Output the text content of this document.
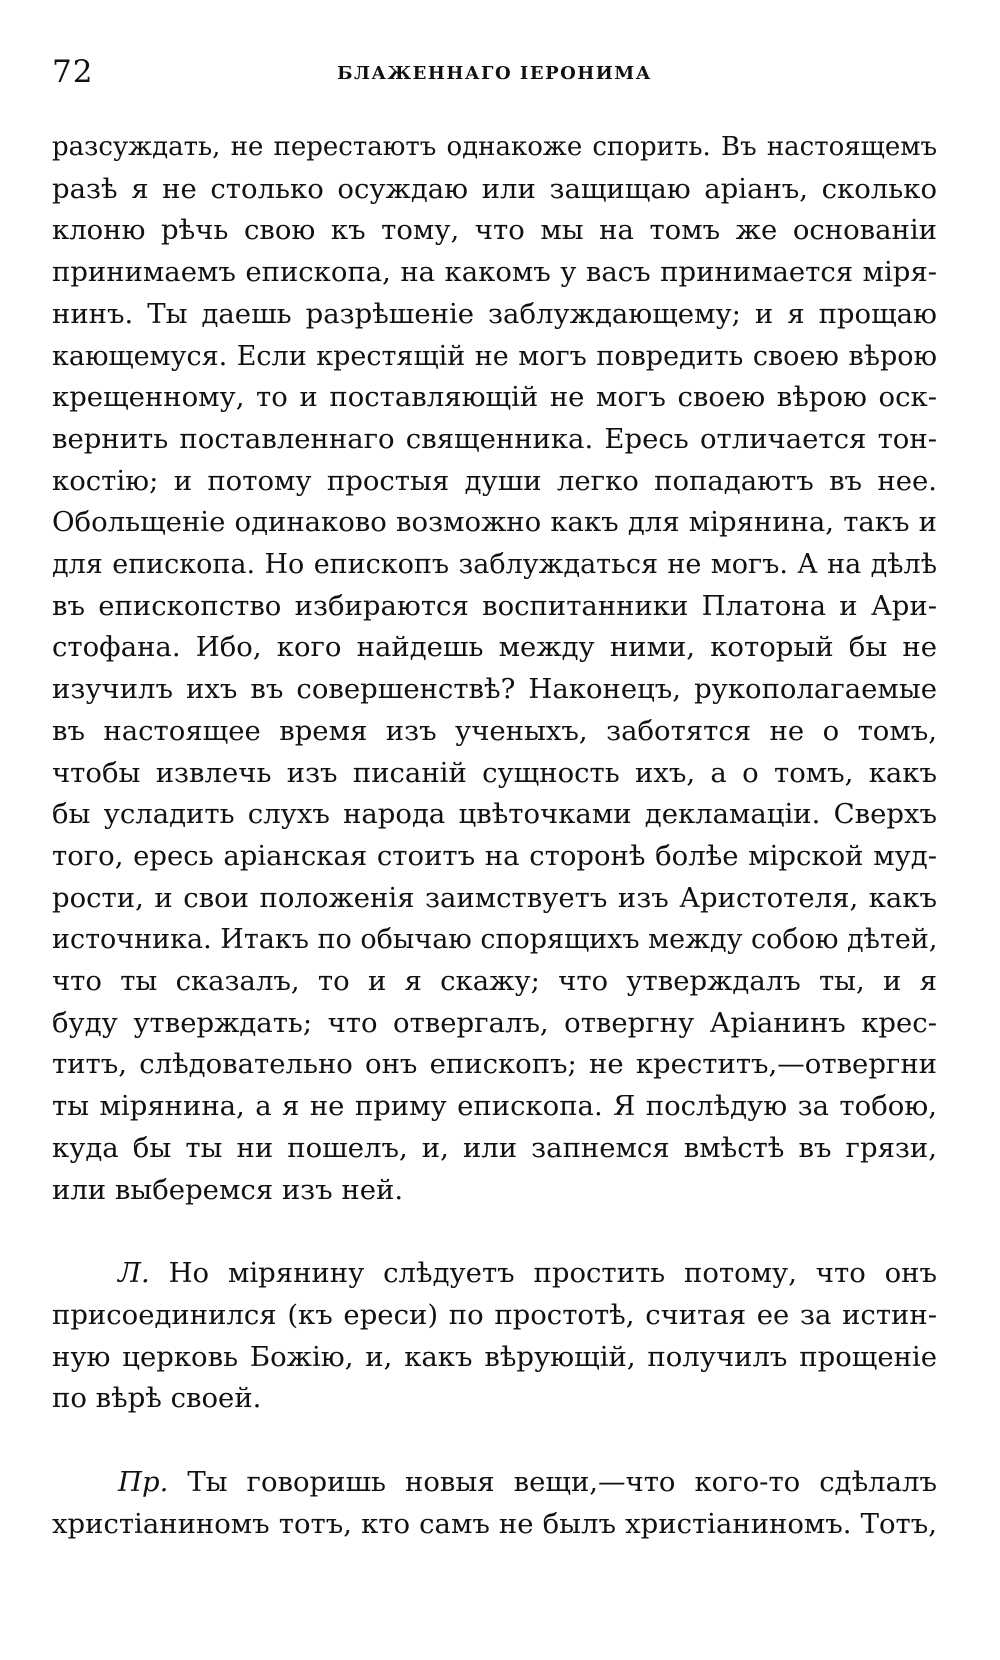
72	БЛАЖЕННАГО ІЕРОНИМА
разсуждать, не перестаютъ однакоже спорить. Въ настоящемъ
разѣ я не столько осуждаю или защищаю аріанъ, сколько
клоню рѣчь свою къ тому, что мы на томъ же основаніи
принимаемъ епископа, на какомъ у васъ принимается міря-
нинъ. Ты даешь разрѣшеніе заблуждающему; и я прощаю
кающемуся. Если крестящій не могъ повредить своею вѣрою
крещенному, то и поставляющій не могъ своею вѣрою оск-
вернить поставленнаго священника. Ересь отличается тон-
костію; и потому простыя души легко попадаютъ въ нее.
Обольщеніе одинаково возможно какъ для мірянина, такъ и
для епископа. Но епископъ заблуждаться не могъ. А на дѣлѣ
въ епископство избираются воспитанники Платона и Ари-
стофана. Ибо, кого найдешь между ними, который бы не
изучилъ ихъ въ совершенствѣ? Наконецъ, рукополагаемые
въ настоящее время изъ ученыхъ, заботятся не о томъ,
чтобы извлечь изъ писаній сущность ихъ, а о томъ, какъ
бы усладить слухъ народа цвѣточками декламаціи. Сверхъ
того, ересь аріанская стоитъ на сторонѣ болѣе мірской муд-
рости, и свои положенія заимствуетъ изъ Аристотеля, какъ
источника. Итакъ по обычаю спорящихъ между собою дѣтей,
что ты сказалъ, то и я скажу; что утверждалъ ты, и я
буду утверждать; что отвергалъ, отвергну Аріанинъ крес-
титъ, слѣдовательно онъ епископъ; не креститъ,—отвергни
ты мірянина, а я не приму епископа. Я послѣдую за тобою,
куда бы ты ни пошелъ, и, или запнемся вмѣстѣ въ грязи,
или выберемся изъ ней.
Л. Но мірянину слѣдуетъ простить потому, что онъ
присоединился (къ ереси) по простотѣ, считая ее за истин-
ную церковь Божію, и, какъ вѣрующій, получилъ прощеніе
по вѣрѣ своей.
Пр. Ты говоришь новыя вещи,—что кого-то сдѣлалъ
христіаниномъ тотъ, кто самъ не былъ христіаниномъ. Тотъ,
